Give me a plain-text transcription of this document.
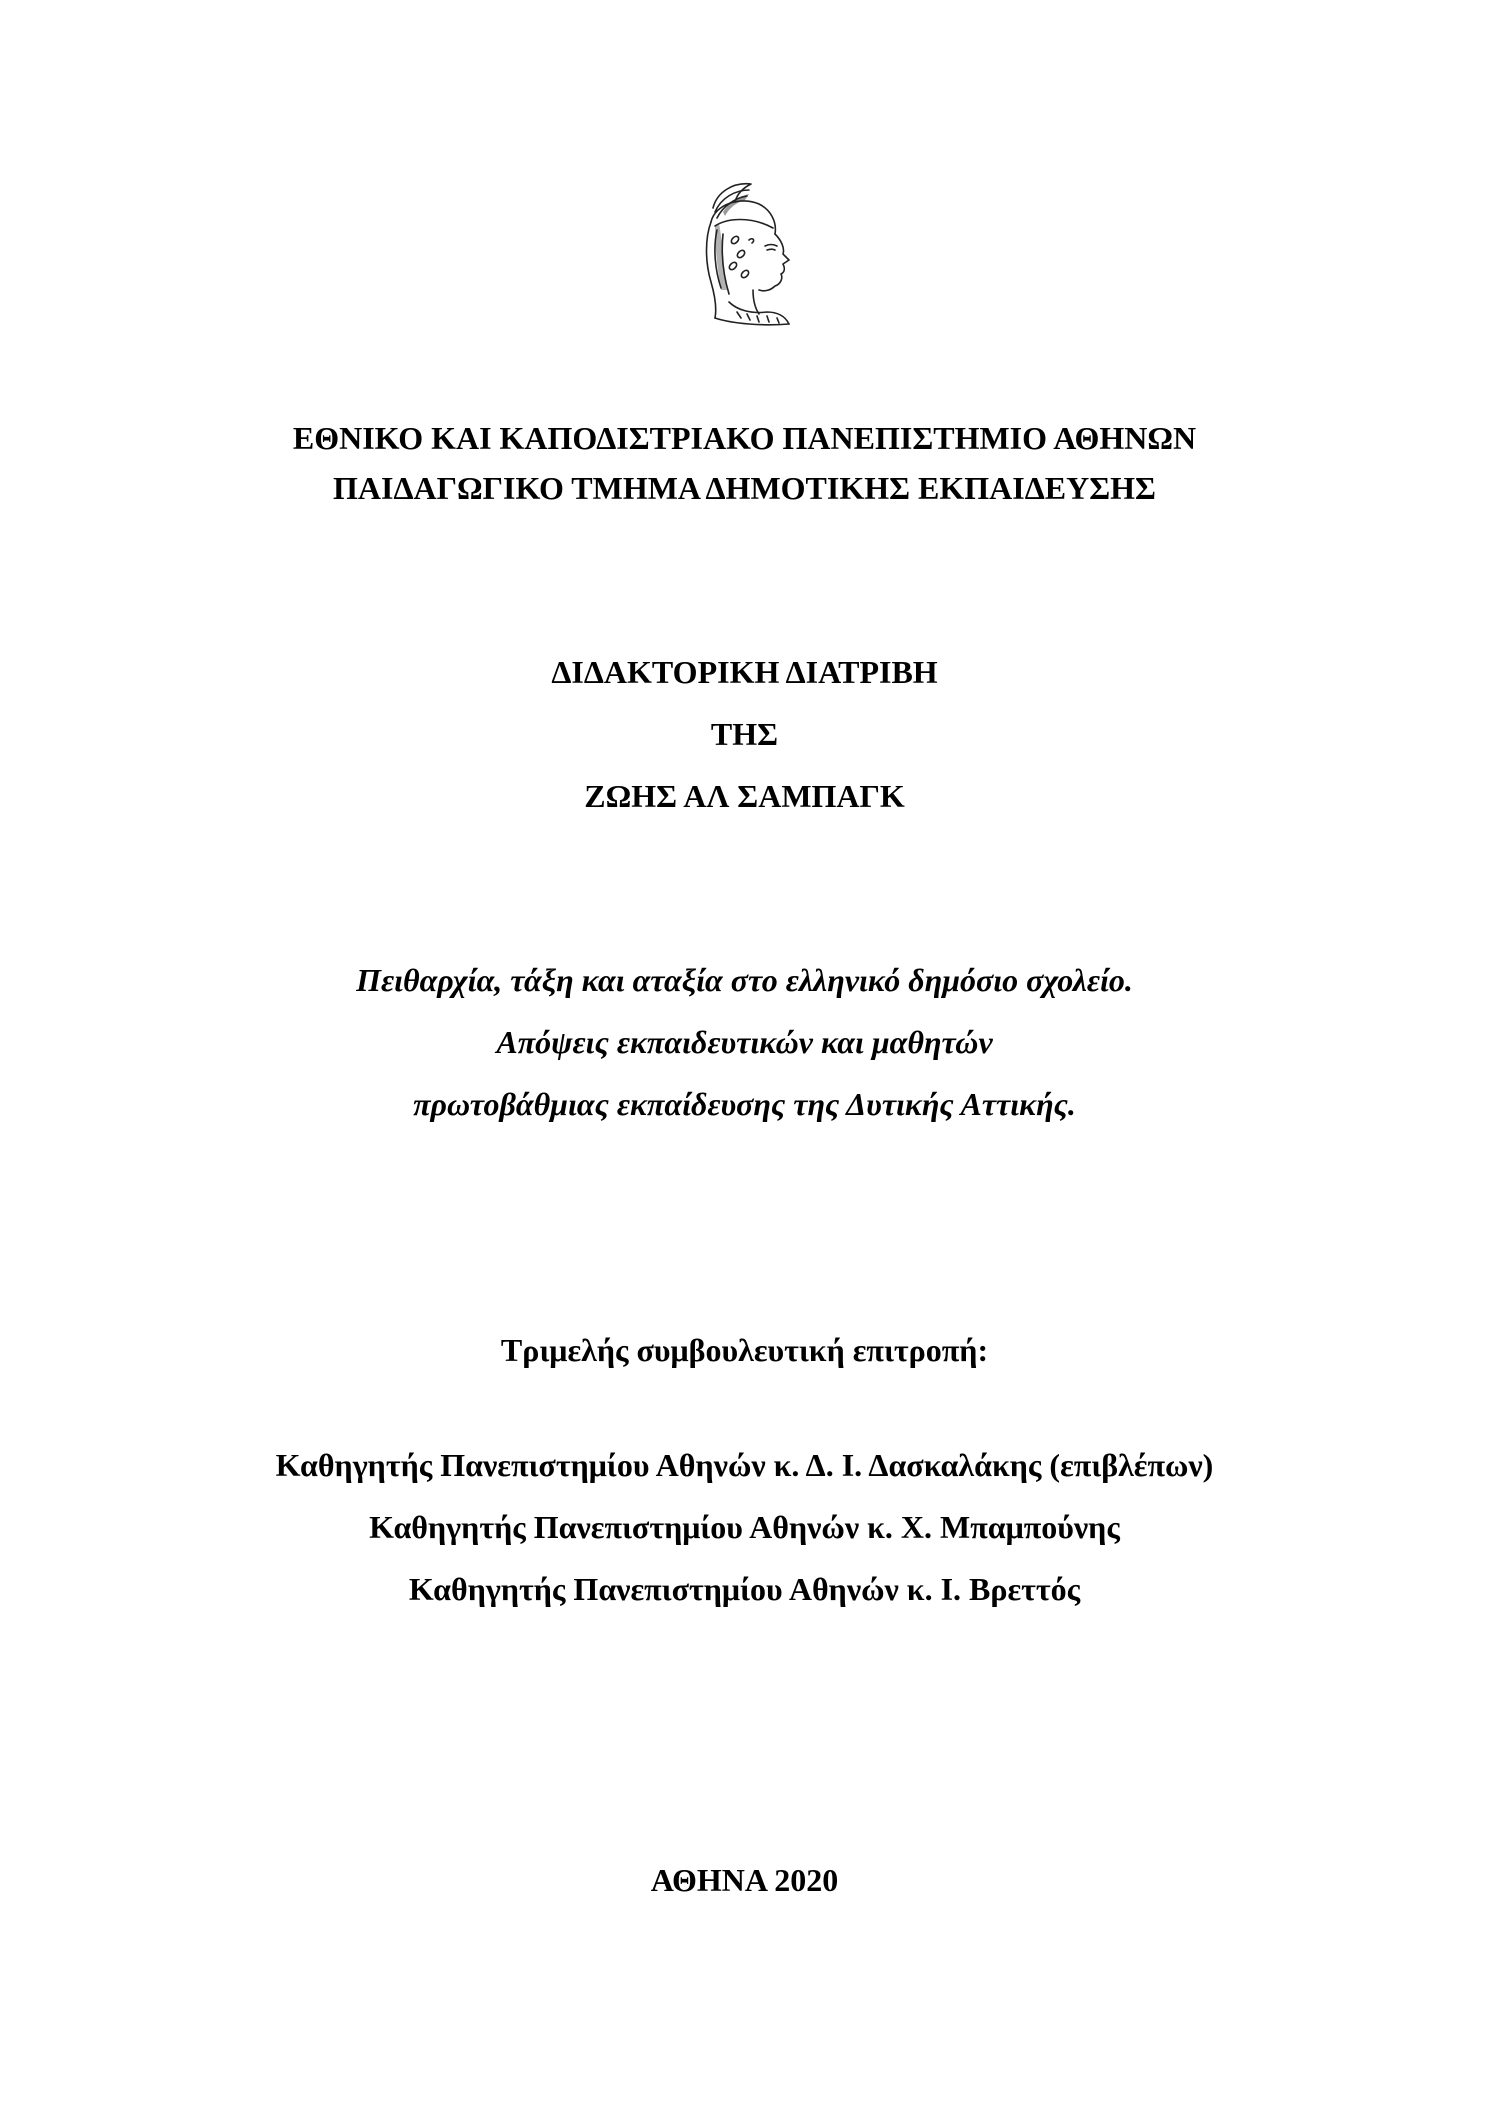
ΕΘΝΙΚΟ ΚΑΙ ΚΑΠΟΔΙΣΤΡΙΑΚΟ ΠΑΝΕΠΙΣΤΗΜΙΟ ΑΘΗΝΩΝ
ΠΑΙΔΑΓΩΓΙΚΟ ΤΜΗΜΑ ΔΗΜΟΤΙΚΗΣ ΕΚΠΑΙΔΕΥΣΗΣ
ΔΙΔΑΚΤΟΡΙΚΗ ΔΙΑΤΡΙΒΗ
ΤΗΣ
ΖΩΗΣ ΑΛ ΣΑΜΠΑΓΚ
Πειθαρχία, τάξη και αταξία στο ελληνικό δημόσιο σχολείο.
Απόψεις εκπαιδευτικών και μαθητών
πρωτοβάθμιας εκπαίδευσης της Δυτικής Αττικής.
Τριμελής συμβουλευτική επιτροπή:
Καθηγητής Πανεπιστημίου Αθηνών κ. Δ. Ι. Δασκαλάκης (επιβλέπων)
Καθηγητής Πανεπιστημίου Αθηνών κ. Χ. Μπαμπούνης
Καθηγητής Πανεπιστημίου Αθηνών κ. Ι. Βρεττός
ΑΘΗΝΑ 2020
